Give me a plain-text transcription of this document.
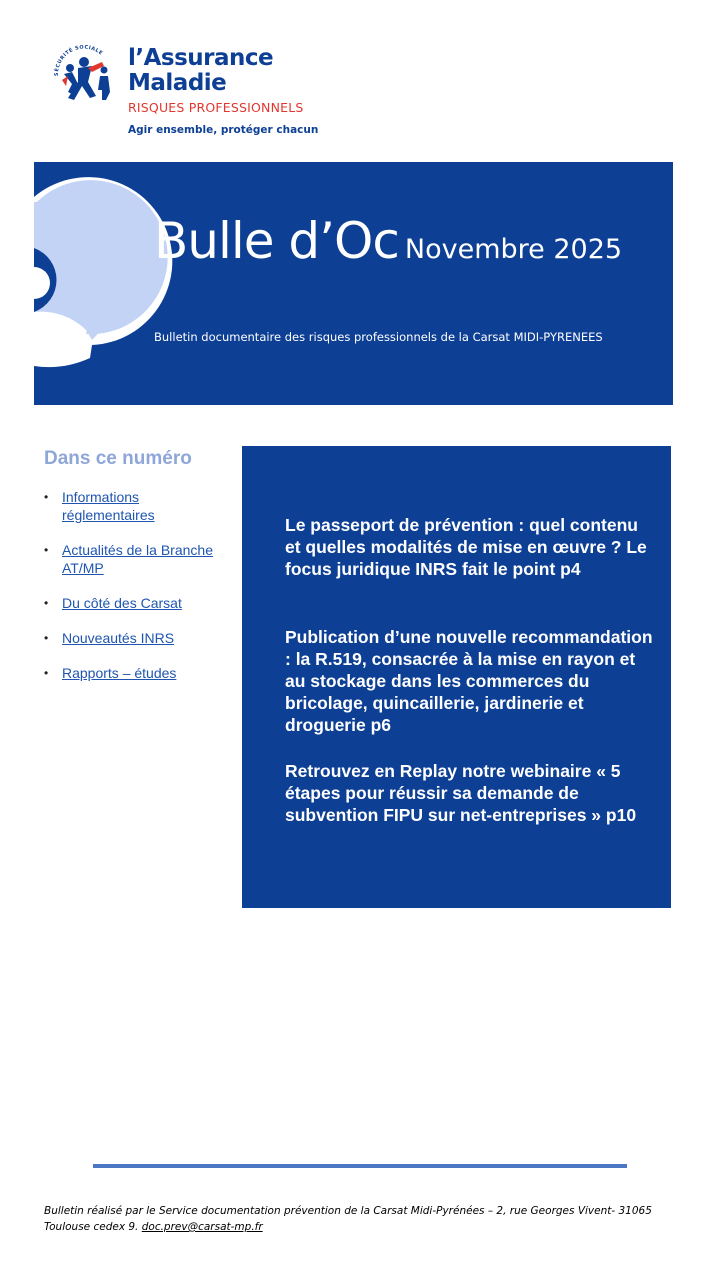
SÉCURITÉ SOCIALE l’Assurance
Maladie
RISQUES PROFESSIONNELS
Agir ensemble, protéger chacun
Bulle d’Oc Novembre 2025
Bulletin documentaire des risques professionnels de la Carsat MIDI-PYRENEES
Dans ce numéro
• Informations réglementaires
• Actualités de la Branche AT/MP
• Du côté des Carsat
• Nouveautés INRS
• Rapports – études
Le passeport de prévention : quel contenu et quelles modalités de mise en œuvre ? Le focus juridique INRS fait le point p4
Publication d’une nouvelle recommandation : la R.519, consacrée à la mise en rayon et au stockage dans les commerces du bricolage, quincaillerie, jardinerie et droguerie p6
Retrouvez en Replay notre webinaire « 5 étapes pour réussir sa demande de subvention FIPU sur net-entreprises » p10
Bulletin réalisé par le Service documentation prévention de la Carsat Midi-Pyrénées – 2, rue Georges Vivent- 31065 Toulouse cedex 9. doc.prev@carsat-mp.fr
